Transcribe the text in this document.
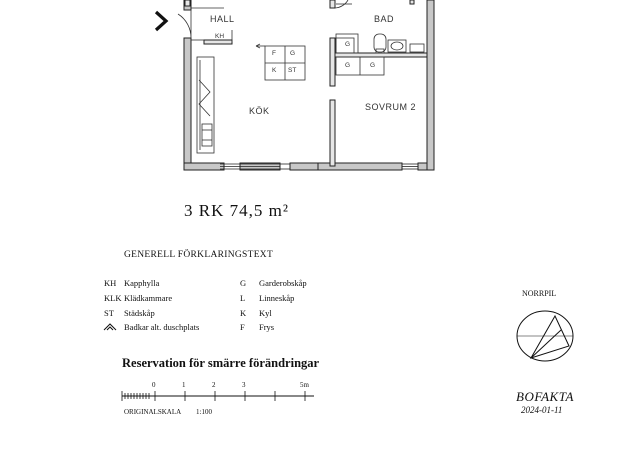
HALL
KÖK
BAD
SOVRUM 2
KH
F G
K ST
G
G	G
3 RK 74,5 m²
GENERELL FÖRKLARINGSTEXT
KH Kapphylla
KLK Klädkammare
ST Städskåp
Badkar alt. duschplats
G Garderobskåp
L Linneskåp
K Kyl
F Frys
Reservation för smärre förändringar
0	1	2	3	5m
ORIGINALSKALA 1:100
NORRPIL
BOFAKTA
2024-01-11
